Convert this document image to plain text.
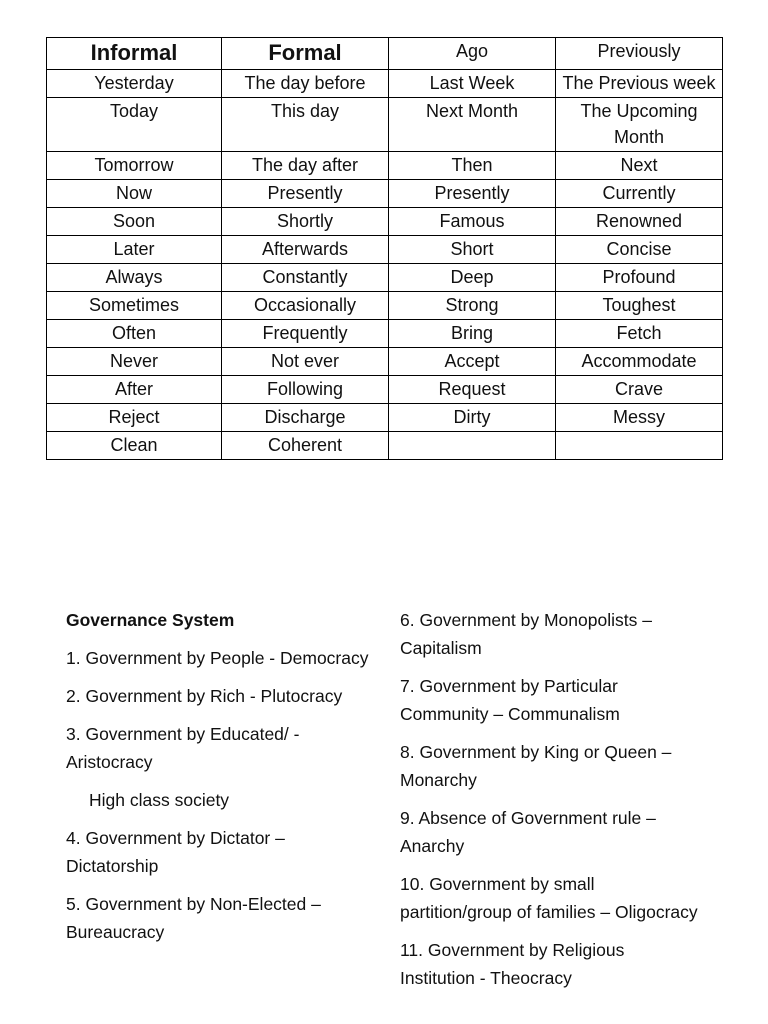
Informal	Formal	Ago	Previously
Yesterday	The day before	Last Week	The Previous week
Today	This day	Next Month	The Upcoming Month
Tomorrow	The day after	Then	Next
Now	Presently	Presently	Currently
Soon	Shortly	Famous	Renowned
Later	Afterwards	Short	Concise
Always	Constantly	Deep	Profound
Sometimes	Occasionally	Strong	Toughest
Often	Frequently	Bring	Fetch
Never	Not ever	Accept	Accommodate
After	Following	Request	Crave
Reject	Discharge	Dirty	Messy
Clean	Coherent		

Governance System

1. Government by People - Democracy

2. Government by Rich - Plutocracy

3. Government by Educated/ - Aristocracy

High class society

4. Government by Dictator – Dictatorship

5. Government by Non-Elected – Bureaucracy

6. Government by Monopolists – Capitalism

7. Government by Particular Community – Communalism

8. Government by King or Queen – Monarchy

9. Absence of Government rule – Anarchy

10. Government by small partition/group of families – Oligocracy

11. Government by Religious Institution - Theocracy
